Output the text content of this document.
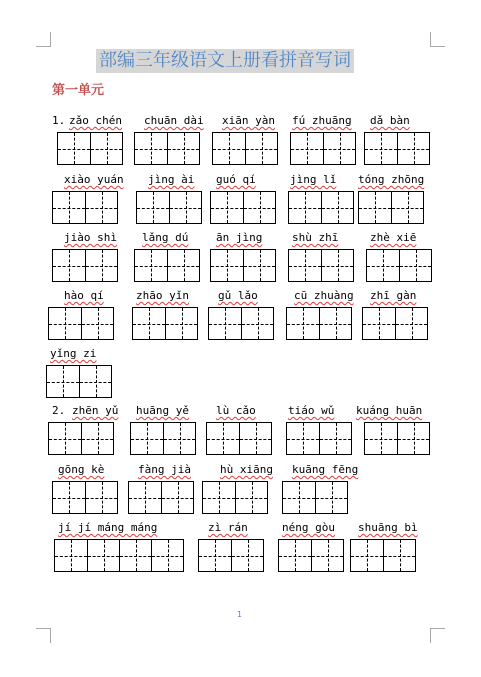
部编三年级语文上册看拼音写词
第一单元
1.
2.
zǎo chén chuān dài xiān yàn fú zhuāng dǎ bàn
xiào yuán jìng ài guó qí	jìng lǐ tóng zhōng
jiào shì lǎng dú	ān jìng	shù zhī	zhè xiē
hào qí	zhāo yǐn	gǔ lǎo	cū zhuàng zhī gàn
yǐng zi
zhēn yǔ huāng yě lù cǎo	tiáo wǔ kuáng huān
gōng kè	fàng jià	hù xiāng kuāng fēng
jí jí máng máng	zì rán	néng gòu shuāng bì
1
